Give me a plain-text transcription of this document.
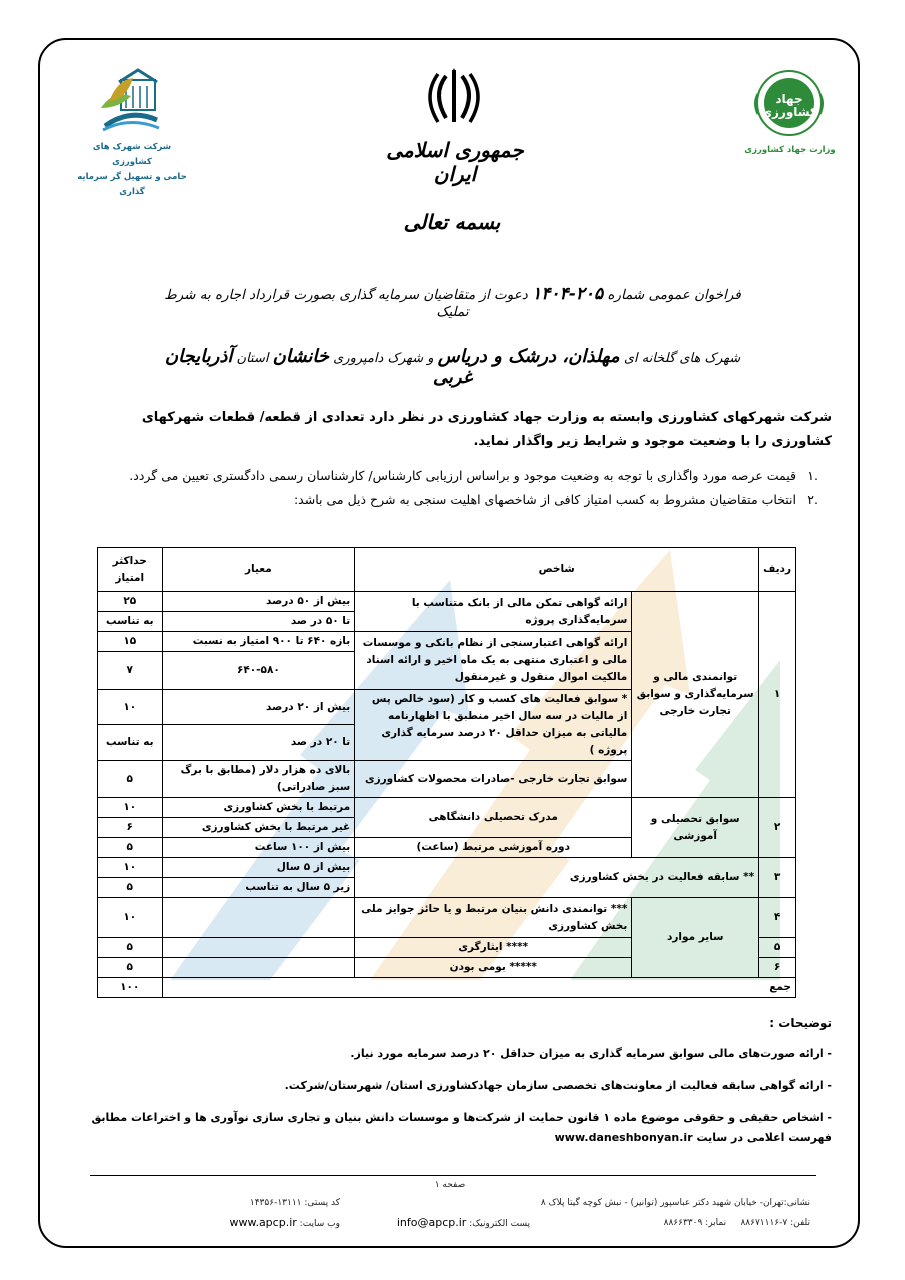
شرکت شهرک های کشاورزی
حامی و تسهیل گر سرمایه گذاری
جمهوری اسلامی ایران
جهاد کشاورزی
وزارت جهاد کشاورزی
بسمه تعالی
فراخوان عمومی شماره ۲۰۵-۱۴۰۴ دعوت از متقاضیان سرمایه گذاری بصورت قرارداد اجاره به شرط تملیک
شهرک های گلخانه ای مهلذان، درشک و دریاس و شهرک دامپروری خانشان استان آذربایجان غربی
شرکت شهرکهای کشاورزی وابسته به وزارت جهاد کشاورزی در نظر دارد تعدادی از قطعه/ قطعات شهرکهای کشاورزی را با وضعیت موجود و شرایط زیر واگذار نماید.
.۱
قیمت عرصه مورد واگذاری با توجه به وضعیت موجود و براساس ارزیابی کارشناس/ کارشناسان رسمی دادگستری تعیین می گردد.
.۲
انتخاب متقاضیان مشروط به کسب امتیاز کافی از شاخصهای اهلیت سنجی به شرح ذیل می باشد:
ردیف	شاخص		معیار	حداکثر امتیاز
۱	توانمندی مالی و سرمایه‌گذاری و سوابق تجارت خارجی	ارائه گواهی تمکن مالی از بانک متناسب با سرمایه‌گذاری پروژه	بیش از ۵۰ درصد	۲۵
			تا ۵۰ در صد	به تناسب
		ارائه گواهی اعتبارسنجی از نظام بانکی و موسسات مالی و اعتباری منتهی به یک ماه اخیر و ارائه اسناد مالکیت اموال منقول و غیرمنقول	بازه ۶۴۰ تا ۹۰۰ امتیاز به نسبت	۱۵
			۶۴۰-۵۸۰	۷
		* سوابق فعالیت های کسب و کار (سود خالص پس از مالیات در سه سال اخیر منطبق با اظهارنامه مالیاتی به میزان حداقل ۲۰ درصد سرمایه گذاری پروژه )	بیش از ۲۰ درصد	۱۰
			تا ۲۰ در صد	به تناسب
		سوابق تجارت خارجی -صادرات محصولات کشاورزی	بالای ده هزار دلار (مطابق با برگ سبز صادراتی)	۵

۲	سوابق تحصیلی و آموزشی	مدرک تحصیلی دانشگاهی	مرتبط با بخش کشاورزی	۱۰
			غیر مرتبط با بخش کشاورزی	۶
		دوره آموزشی مرتبط (ساعت)	بیش از ۱۰۰ ساعت	۵
۳	** سابقه فعالیت در بخش کشاورزی		بیش از ۵ سال	۱۰
			زیر ۵ سال به تناسب	۵
۴	سایر موارد	*** توانمندی دانش بنیان مرتبط و یا حائز جوایز ملی بخش کشاورزی		۱۰
۵		**** ایثارگری		۵
۶		***** بومی بودن		۵
جمع				۱۰۰
توضیحات :
- ارائه صورت‌های مالی سوابق سرمایه گذاری به میزان حداقل ۲۰ درصد سرمایه مورد نیاز.
- ارائه گواهی سابقه فعالیت از معاونت‌های تخصصی سازمان جهادکشاورزی استان/ شهرستان/شرکت.
- اشخاص حقیقی و حقوقی موضوع ماده ۱ قانون حمایت از شرکت‌ها و موسسات دانش بنیان و تجاری سازی نوآوری ها و اختراعات مطابق فهرست اعلامی در سایت www.daneshbonyan.ir
صفحه ۱
نشانی:تهران- خیابان شهید دکتر عباسپور (توانیر) - نبش کوچه گیتا پلاک ۸
کد پستی: ۱۳۱۱۱-۱۴۳۵۶
تلفن: ۷-۸۸۶۷۱۱۱۶     نمابر: ۸۸۶۶۳۳۰۹
پست الکترونیک: info@apcp.ir
وب سایت: www.apcp.ir
